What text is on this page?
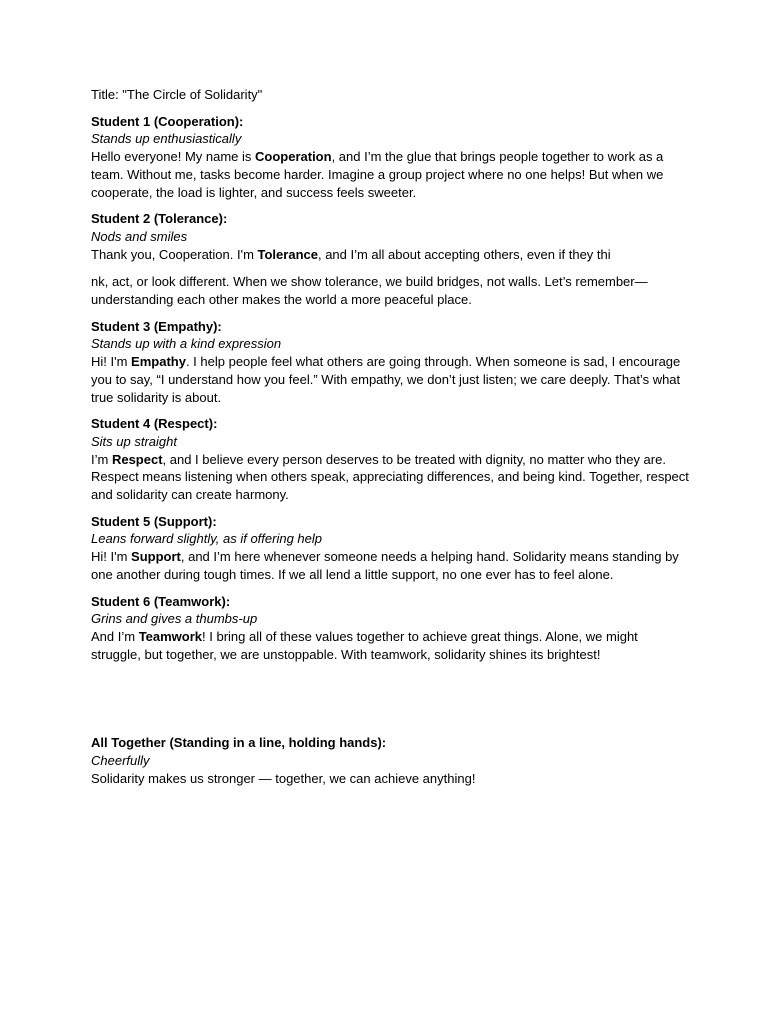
Title: "The Circle of Solidarity"

Student 1 (Cooperation):

Stands up enthusiastically

Hello everyone! My name is Cooperation, and I’m the glue that brings people together to work as a team. Without me, tasks become harder. Imagine a group project where no one helps! But when we cooperate, the load is lighter, and success feels sweeter.

Student 2 (Tolerance):

Nods and smiles

Thank you, Cooperation. I'm Tolerance, and I’m all about accepting others, even if they thi

nk, act, or look different. When we show tolerance, we build bridges, not walls. Let’s remember—understanding each other makes the world a more peaceful place.

Student 3 (Empathy):

Stands up with a kind expression

Hi! I'm Empathy. I help people feel what others are going through. When someone is sad, I encourage you to say, “I understand how you feel.” With empathy, we don’t just listen; we care deeply. That’s what true solidarity is about.

Student 4 (Respect):

Sits up straight

I’m Respect, and I believe every person deserves to be treated with dignity, no matter who they are. Respect means listening when others speak, appreciating differences, and being kind. Together, respect and solidarity can create harmony.

Student 5 (Support):

Leans forward slightly, as if offering help

Hi! I'm Support, and I’m here whenever someone needs a helping hand. Solidarity means standing by one another during tough times. If we all lend a little support, no one ever has to feel alone.

Student 6 (Teamwork):

Grins and gives a thumbs-up

And I’m Teamwork! I bring all of these values together to achieve great things. Alone, we might struggle, but together, we are unstoppable. With teamwork, solidarity shines its brightest!

All Together (Standing in a line, holding hands):

Cheerfully

Solidarity makes us stronger — together, we can achieve anything!
